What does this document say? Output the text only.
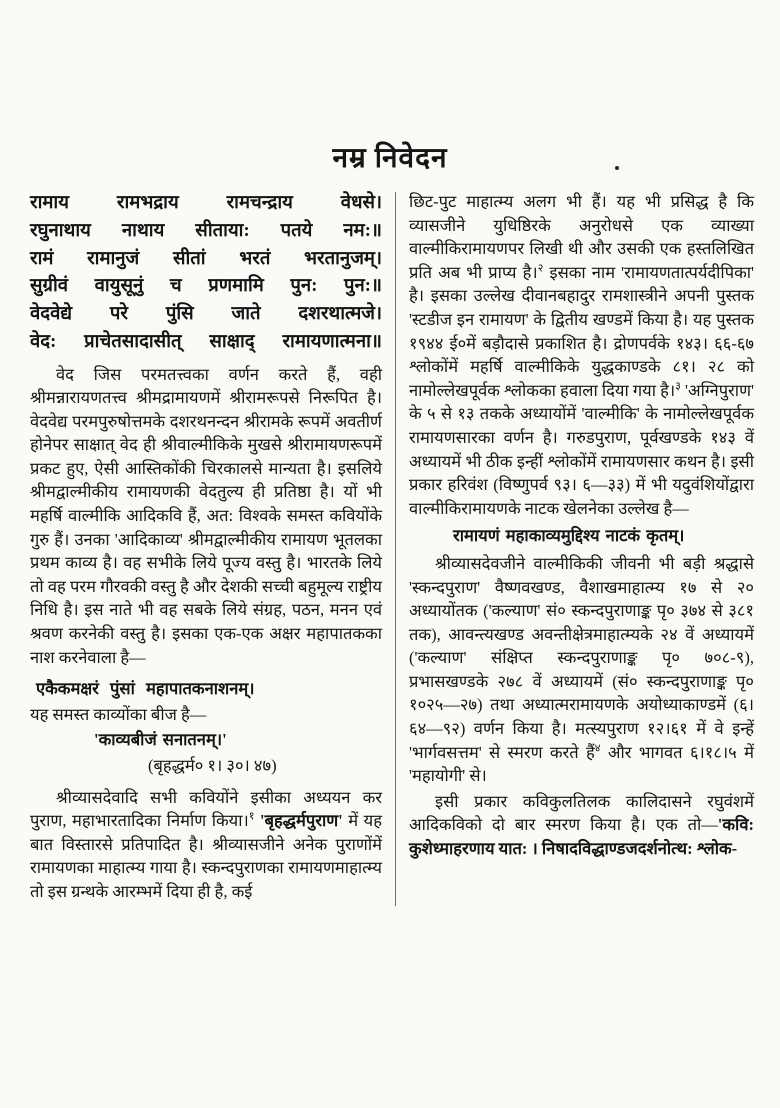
नम्र निवेदन
रामाय रामभद्राय रामचन्द्राय वेधसे।
रघुनाथाय नाथाय सीताया: पतये नम:॥
रामं रामानुजं सीतां भरतं भरतानुजम्।
सुग्रीवं वायुसूनुं च प्रणमामि पुन: पुन:॥
वेदवेद्ये परे पुंसि जाते दशरथात्मजे।
वेद: प्राचेतसादासीत् साक्षाद् रामायणात्मना॥

वेद जिस परमतत्त्वका वर्णन करते हैं, वही श्रीमन्नारायणतत्त्व श्रीमद्रामायणमें श्रीरामरूपसे निरूपित है। वेदवेद्य परमपुरुषोत्तमके दशरथनन्दन श्रीरामके रूपमें अवतीर्ण होनेपर साक्षात् वेद ही श्रीवाल्मीकिके मुखसे श्रीरामायणरूपमें प्रकट हुए, ऐसी आस्तिकोंकी चिरकालसे मान्यता है। इसलिये श्रीमद्वाल्मीकीय रामायणकी वेदतुल्य ही प्रतिष्ठा है। यों भी महर्षि वाल्मीकि आदिकवि हैं, अत: विश्वके समस्त कवियोंके गुरु हैं। उनका 'आदिकाव्य' श्रीमद्वाल्मीकीय रामायण भूतलका प्रथम काव्य है। वह सभीके लिये पूज्य वस्तु है। भारतके लिये तो वह परम गौरवकी वस्तु है और देशकी सच्ची बहुमूल्य राष्ट्रीय निधि है। इस नाते भी वह सबके लिये संग्रह, पठन, मनन एवं श्रवण करनेकी वस्तु है। इसका एक-एक अक्षर महापातकका नाश करनेवाला है—

एकैकमक्षरं पुंसां महापातकनाशनम्।

यह समस्त काव्योंका बीज है—

'काव्यबीजं सनातनम्।'
(बृहद्धर्म० १। ३०। ४७)

श्रीव्यासदेवादि सभी कवियोंने इसीका अध्ययन कर पुराण, महाभारतादिका निर्माण किया।$^१$ 'बृहद्धर्मपुराण' में यह बात विस्तारसे प्रतिपादित है। श्रीव्यासजीने अनेक पुराणोंमें रामायणका माहात्म्य गाया है। स्कन्दपुराणका रामायणमाहात्म्य तो इस ग्रन्थके आरम्भमें दिया ही है, कई

छिट-पुट माहात्म्य अलग भी हैं। यह भी प्रसिद्ध है कि व्यासजीने युधिष्ठिरके अनुरोधसे एक व्याख्या वाल्मीकिरामायणपर लिखी थी और उसकी एक हस्तलिखित प्रति अब भी प्राप्य है।$^२$ इसका नाम 'रामायणतात्पर्यदीपिका' है। इसका उल्लेख दीवानबहादुर रामशास्त्रीने अपनी पुस्तक 'स्टडीज इन रामायण' के द्वितीय खण्डमें किया है। यह पुस्तक १९४४ ई०में बड़ौदासे प्रकाशित है। द्रोणपर्वके १४३। ६६-६७ श्लोकोंमें महर्षि वाल्मीकिके युद्धकाण्डके ८१। २८ को नामोल्लेखपूर्वक श्लोकका हवाला दिया गया है।$^३$ 'अग्निपुराण' के ५ से १३ तकके अध्यायोंमें 'वाल्मीकि' के नामोल्लेखपूर्वक रामायणसारका वर्णन है। गरुडपुराण, पूर्वखण्डके १४३ वें अध्यायमें भी ठीक इन्हीं श्लोकोंमें रामायणसार कथन है। इसी प्रकार हरिवंश (विष्णुपर्व ९३। ६—३३) में भी यदुवंशियोंद्वारा वाल्मीकिरामायणके नाटक खेलनेका उल्लेख है—

रामायणं महाकाव्यमुद्दिश्य नाटकं कृतम्।

श्रीव्यासदेवजीने वाल्मीकिकी जीवनी भी बड़ी श्रद्धासे 'स्कन्दपुराण' वैष्णवखण्ड, वैशाखमाहात्म्य १७ से २० अध्यायोंतक ('कल्याण' सं० स्कन्दपुराणाङ्क पृ० ३७४ से ३८१ तक), आवन्त्यखण्ड अवन्तीक्षेत्रमाहात्म्यके २४ वें अध्यायमें ('कल्याण' संक्षिप्त स्कन्दपुराणाङ्क पृ० ७०८-९), प्रभासखण्डके २७८ वें अध्यायमें (सं० स्कन्दपुराणाङ्क पृ० १०२५—२७) तथा अध्यात्मरामायणके अयोध्याकाण्डमें (६।६४—९२) वर्णन किया है। मत्स्यपुराण १२।६१ में वे इन्हें 'भार्गवसत्तम' से स्मरण करते हैं$^४$ और भागवत ६।१८।५ में 'महायोगी' से।

इसी प्रकार कविकुलतिलक कालिदासने रघुवंशमें आदिकविको दो बार स्मरण किया है। एक तो—'कवि: कुशेध्माहरणाय यात: । निषादविद्धाण्डजदर्शनोत्थ: श्लोक-
